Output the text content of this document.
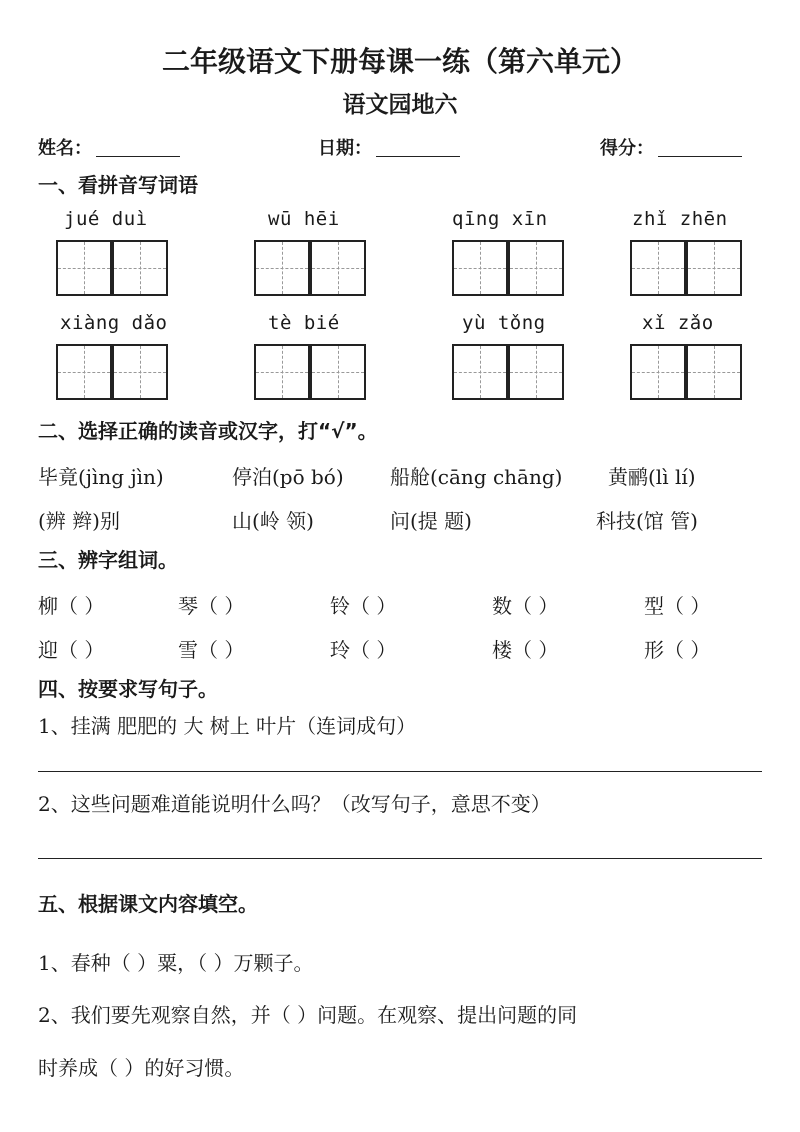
二年级语文下册每课一练（第六单元）
语文园地六
姓名：	日期：	得分：
一、看拼音写词语
jué duì	wū hēi	qīng xīn	zhǐ zhēn
xiàng dǎo	tè bié	yù tǒng	xǐ zǎo
二、选择正确的读音或汉字，打“√”。
毕竟(jìng jìn)	停泊(pō bó) 船舱(cāng chāng) 黄鹂(lì lí)
(辨 辫)别	山(岭 领)	问(提 题)	科技(馆 管)
三、辨字组词。
柳（ ）	琴（ ）	铃（ ）	数（ ）	型（ ）
迎（ ）	雪（ ）	玲（ ）	楼（ ）	形（ ）
四、按要求写句子。
1、挂满 肥肥的 大 树上 叶片（连词成句）
2、这些问题难道能说明什么吗？（改写句子，意思不变）
五、根据课文内容填空。
1、春种（ ）粟，（ ）万颗子。
2、我们要先观察自然，并（ ）问题。在观察、提出问题的同
时养成（ ）的好习惯。
